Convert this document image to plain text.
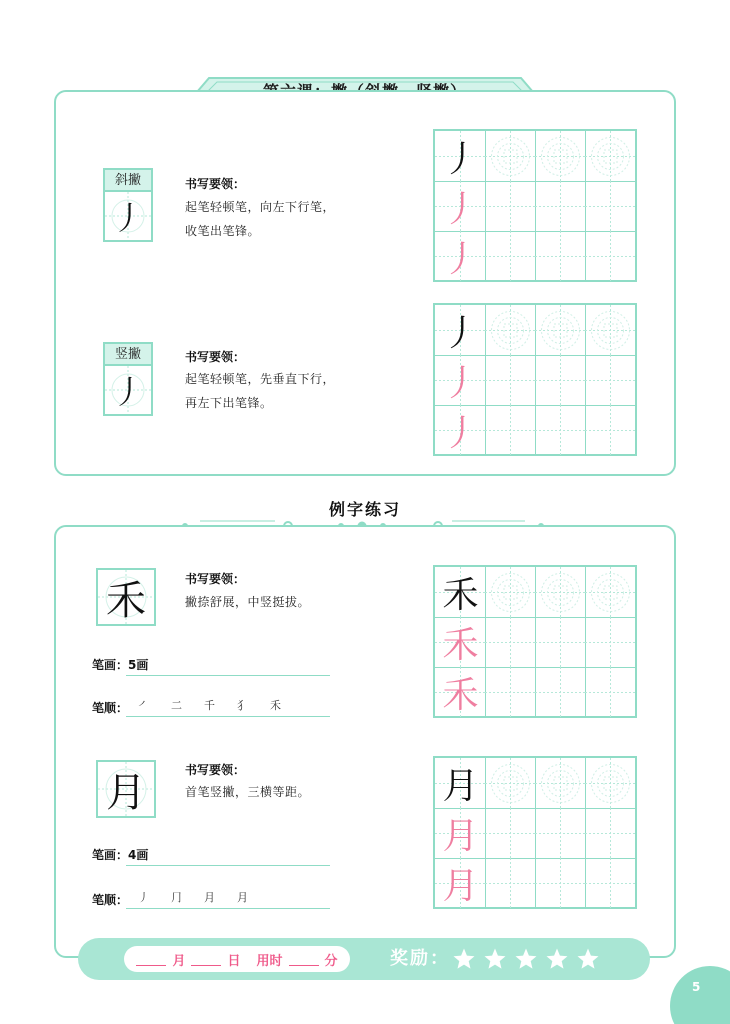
斜撇
丿
书写要领：
起笔轻顿笔，向左下行笔，
收笔出笔锋。
竖撇
丿
书写要领：
起笔轻顿笔，先垂直下行，
再左下出笔锋。
丿
丿
丿
丿
丿
丿
例字练习
禾	书写要领：
撇捺舒展，中竖挺拔。
笔画：5画
笔顺： ㇒ ⼆ 千 ⺨ 禾
禾
禾
禾
月	书写要领：
首笔竖撇，三横等距。
笔画：4画
笔顺： 丿 ⺆ 月 月
月
月
月
月	日 用时	分	奖励：
5
